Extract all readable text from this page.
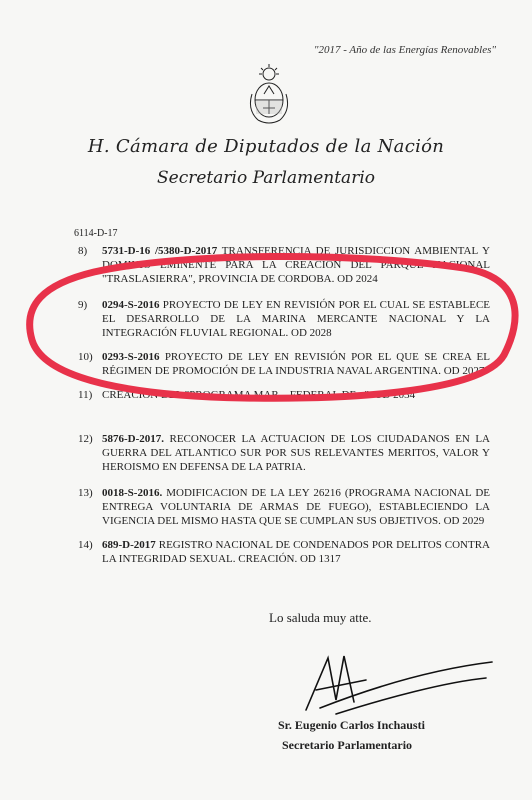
"2017 - Año de las Energías Renovables"
H. Cámara de Diputados de la Nación
Secretario Parlamentario
6114-D-17
8) 5731-D-16 /5380-D-2017 TRANSFERENCIA DE JURISDICCION AMBIENTAL Y DOMINIO EMINENTE PARA LA CREACION DEL PARQUE NACIONAL "TRASLASIERRA", PROVINCIA DE CORDOBA. OD 2024
9) 0294-S-2016 PROYECTO DE LEY EN REVISIÓN POR EL CUAL SE ESTABLECE EL DESARROLLO DE LA MARINA MERCANTE NACIONAL Y LA INTEGRACIÓN FLUVIAL REGIONAL. OD 2028
10) 0293-S-2016 PROYECTO DE LEY EN REVISIÓN POR EL QUE SE CREA EL RÉGIMEN DE PROMOCIÓN DE LA INDUSTRIA NAVAL ARGENTINA. OD 2027
11) CREACION DEL "PROGRAMA MAR... FEDERAL DE...". OD 2034
12) 5876-D-2017. RECONOCER LA ACTUACION DE LOS CIUDADANOS EN LA GUERRA DEL ATLANTICO SUR POR SUS RELEVANTES MERITOS, VALOR Y HEROISMO EN DEFENSA DE LA PATRIA.
13) 0018-S-2016. MODIFICACION DE LA LEY 26216 (PROGRAMA NACIONAL DE ENTREGA VOLUNTARIA DE ARMAS DE FUEGO), ESTABLECIENDO LA VIGENCIA DEL MISMO HASTA QUE SE CUMPLAN SUS OBJETIVOS. OD 2029
14) 689-D-2017 REGISTRO NACIONAL DE CONDENADOS POR DELITOS CONTRA LA INTEGRIDAD SEXUAL. CREACIÓN. OD 1317
Lo saluda muy atte.
Sr. Eugenio Carlos Inchausti
Secretario Parlamentario
